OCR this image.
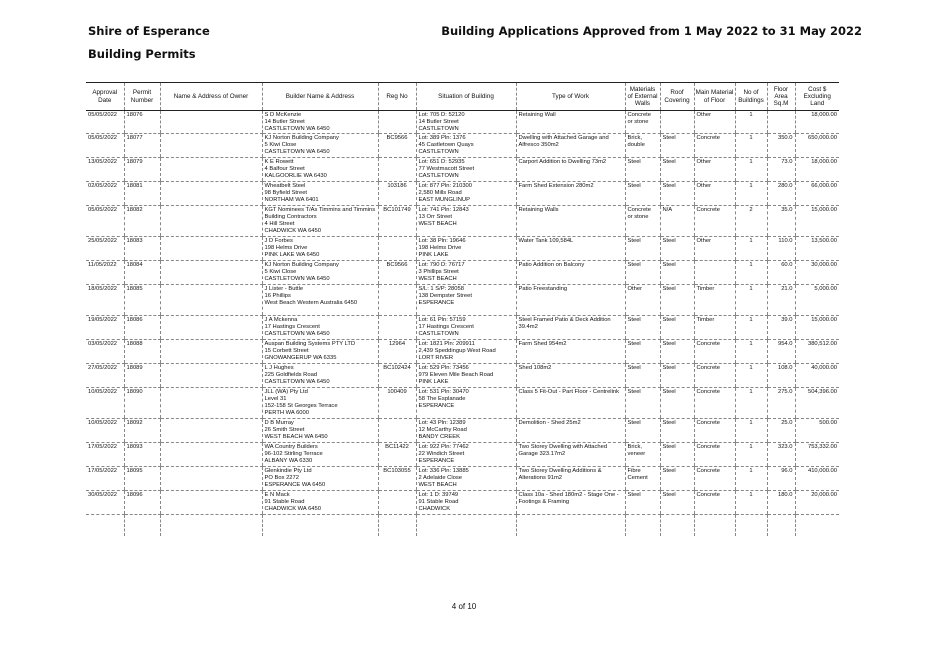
Shire of Esperance
Building Permits
Building Applications Approved from 1 May 2022 to 31 May 2022
Approval Date	Permit Number	Name & Address of Owner	Builder Name & Address	Reg No	Situation of Building	Type of Work	Materials of External Walls	Roof Covering	Main Material of Floor	No of Buildings	Floor Area Sq.M	Cost $ Excluding Land
05/05/2022	18076		S D McKenzie
14 Butler Street
CASTLETOWN WA 6450		Lot: 705 D: 52120
14 Butler Street
CASTLETOWN	Retaining Wall	Concrete or stone		Other	1		18,000.00
05/05/2022	18077		KJ Norton Building Company
5 Kiwi Close
CASTLETOWN WA 6450	BC9566	Lot: 389 Pln: 1376
45 Castletown Quays
CASTLETOWN	Dwelling with Attached Garage and Alfresco 350m2	Brick, double	Steel	Concrete	1	350.0	650,000.00
13/05/2022	18079		K E Rowett
4 Balfour Street
KALGOORLIE WA 6430		Lot: 651 D: 52935
77 Westmacott Street
CASTLETOWN	Carport Addition to Dwelling 73m2	Steel	Steel	Other	1	73.0	18,000.00
02/05/2022	18081		Wheatbelt Steel
98 Byfield Street
NORTHAM WA 6401	103186	Lot: 877 Pln: 210300
2,580 Mills Road
EAST MUNGLINUP	Farm Shed Extension 280m2	Steel	Steel	Other	1	280.0	66,000.00
05/05/2022	18082		KGT Nominees T/As Timmins and Timmins Building Contractors
4 Hill Street
CHADWICK WA 6450	BC101749	Lot: 741 Pln: 12843
13 Orr Street
WEST BEACH	Retaining Walls	Concrete or stone	N/A	Concrete	2	35.0	15,000.00
25/05/2022	18083		J D Forbes
198 Helms Drive
PINK LAKE WA 6450		Lot: 38 Pln: 19646
198 Helms Drive
PINK LAKE	Water Tank 109,584L	Steel	Steel	Other	1	110.0	13,500.00
11/05/2022	18084		KJ Norton Building Company
5 Kiwi Close
CASTLETOWN WA 6450	BC9566	Lot: 790 D: 76717
3 Phillips Street
WEST BEACH	Patio Addition on Balcony	Steel	Steel		1	60.0	30,000.00
18/05/2022	18085		J Lister - Buttle
16 Phillips
West Beach Western Australia 6450		S/L: 1 S/P: 28058
138 Dempster Street
ESPERANCE	Patio Freestanding	Other	Steel	Timber	1	21.0	5,000.00
19/05/2022	18086		J A Mckenna
17 Hastings Crescent
CASTLETOWN WA 6450		Lot: 61 Pln: 57159
17 Hastings Crescent
CASTLETOWN	Steel Framed Patio & Deck Addition 39.4m2	Steel	Steel	Timber	1	39.0	15,000.00
03/05/2022	18088		Auspan Building Systems PTY LTD
15 Corbett Street
GNOWANGERUP WA 6335	12964	Lot: 1821 Pln: 209911
2,439 Speddingup West Road
LORT RIVER	Farm Shed 954m2	Steel	Steel	Concrete	1	954.0	380,512.00
27/05/2022	18089		L J Hughes
225 Goldfields Road
CASTLETOWN WA 6450	BC102424	Lot: 529 Pln: 73456
979 Eleven Mile Beach Road
PINK LAKE	Shed 108m2	Steel	Steel	Concrete	1	108.0	40,000.00
10/05/2022	18090		JLL (WA) Pty Ltd
Level 31
152-158 St Georges Terrace
PERTH WA 6000	100409	Lot: 531 Pln: 30470
58 The Esplanade
ESPERANCE	Class 5 Fit-Out - Part Floor - Centrelink	Steel	Steel	Concrete	1	275.0	504,396.00
10/05/2022	18092		D B Murray
26 Smith Street
WEST BEACH WA 6450		Lot: 43 Pln: 12389
12 McCarthy Road
BANDY CREEK	Demolition - Shed 25m2	Steel	Steel	Concrete	1	25.0	500.00
17/05/2022	18093		WA Country Builders
96-102 Stirling Terrace
ALBANY WA 6330	BC11422	Lot: 922 Pln: 77462
22 Windich Street
ESPERANCE	Two Storey Dwelling with Attached Garage 323.17m2	Brick, veneer	Steel	Concrete	1	323.0	753,332.00
17/05/2022	18095		Glenkindie Pty Ltd
PO Box 2272
ESPERANCE WA 6450	BC103055	Lot: 336 Pln: 13885
2 Adelaide Close
WEST BEACH	Two Storey Dwelling Additions & Alterations 91m2	Fibre Cement	Steel	Concrete	1	96.0	410,000.00
30/05/2022	18096		E N Mack
91 Stable Road
CHADWICK WA 6450		Lot: 1 D: 39749
91 Stable Road
CHADWICK	Class 10a - Shed 180m2 - Stage One - Footings & Framing	Steel	Steel	Concrete	1	180.0	20,000.00

4 of 10
